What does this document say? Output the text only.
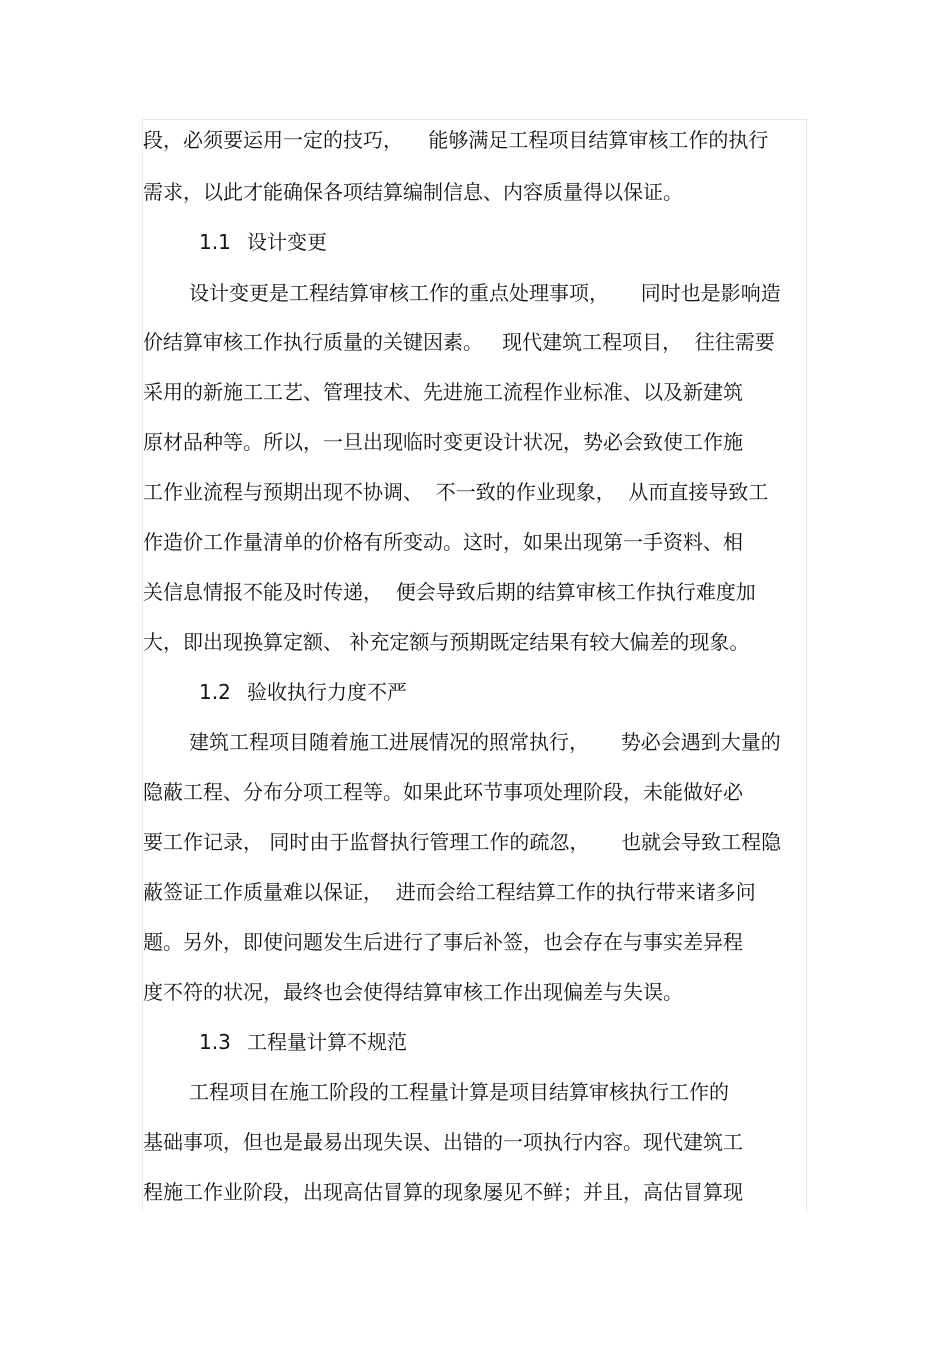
段，必须要运用一定的技巧，    能够满足工程项目结算审核工作的执行
需求，以此才能确保各项结算编制信息、内容质量得以保证。
1.1 设计变更
设计变更是工程结算审核工作的重点处理事项，     同时也是影响造
价结算审核工作执行质量的关键因素。   现代建筑工程项目，  往往需要
采用的新施工工艺、管理技术、先进施工流程作业标准、以及新建筑
原材品种等。所以，一旦出现临时变更设计状况，势必会致使工作施
工作业流程与预期出现不协调、  不一致的作业现象，  从而直接导致工
作造价工作量清单的价格有所变动。这时，如果出现第一手资料、相
关信息情报不能及时传递，  便会导致后期的结算审核工作执行难度加
大，即出现换算定额、 补充定额与预期既定结果有较大偏差的现象。
1.2 验收执行力度不严
建筑工程项目随着施工进展情况的照常执行，     势必会遇到大量的
隐蔽工程、分布分项工程等。如果此环节事项处理阶段，未能做好必
要工作记录， 同时由于监督执行管理工作的疏忽，     也就会导致工程隐
蔽签证工作质量难以保证，  进而会给工程结算工作的执行带来诸多问
题。另外，即使问题发生后进行了事后补签，也会存在与事实差异程
度不符的状况，最终也会使得结算审核工作出现偏差与失误。
1.3 工程量计算不规范
工程项目在施工阶段的工程量计算是项目结算审核执行工作的
基础事项，但也是最易出现失误、出错的一项执行内容。现代建筑工
程施工作业阶段，出现高估冒算的现象屡见不鲜；并且，高估冒算现
